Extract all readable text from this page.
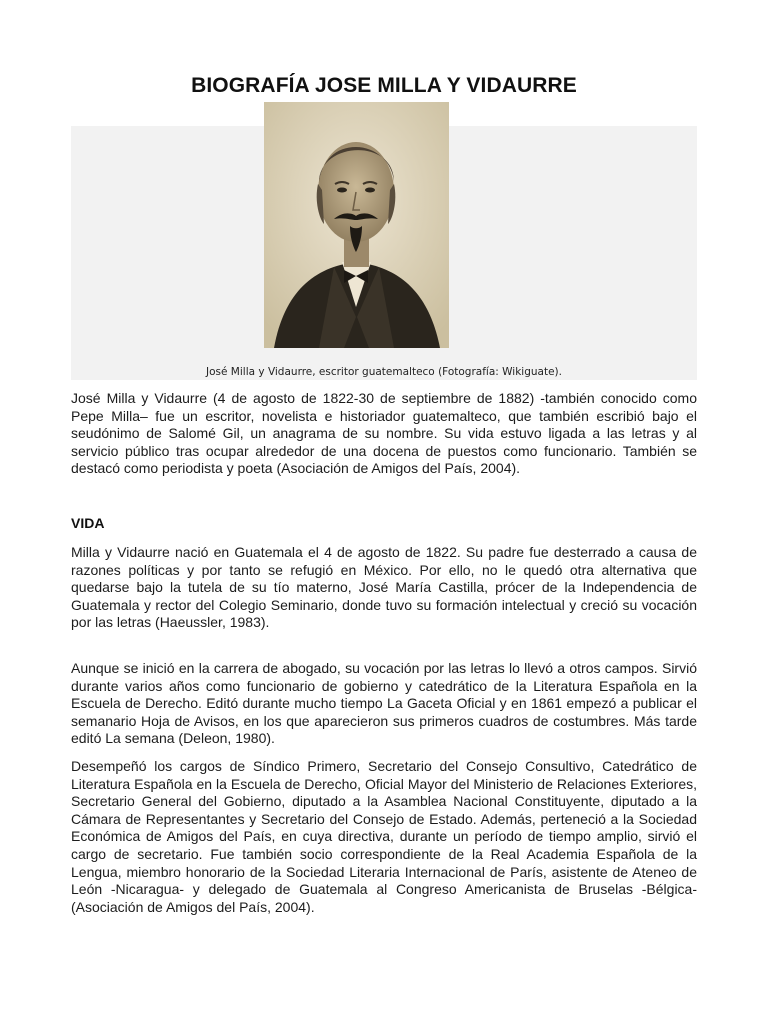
BIOGRAFÍA JOSE MILLA Y VIDAURRE
José Milla y Vidaurre, escritor guatemalteco (Fotografía: Wikiguate).

José Milla y Vidaurre (4 de agosto de 1822-30 de septiembre de 1882) -también conocido como Pepe Milla– fue un escritor, novelista e historiador guatemalteco, que también escribió bajo el seudónimo de Salomé Gil, un anagrama de su nombre. Su vida estuvo ligada a las letras y al servicio público tras ocupar alrededor de una docena de puestos como funcionario. También se destacó como periodista y poeta (Asociación de Amigos del País, 2004).

VIDA

Milla y Vidaurre nació en Guatemala el 4 de agosto de 1822. Su padre fue desterrado a causa de razones políticas y por tanto se refugió en México. Por ello, no le quedó otra alternativa que quedarse bajo la tutela de su tío materno, José María Castilla, prócer de la Independencia de Guatemala y rector del Colegio Seminario, donde tuvo su formación intelectual y creció su vocación por las letras (Haeussler, 1983).

Aunque se inició en la carrera de abogado, su vocación por las letras lo llevó a otros campos. Sirvió durante varios años como funcionario de gobierno y catedrático de la Literatura Española en la Escuela de Derecho. Editó durante mucho tiempo La Gaceta Oficial y en 1861 empezó a publicar el semanario Hoja de Avisos, en los que aparecieron sus primeros cuadros de costumbres. Más tarde editó La semana (Deleon, 1980).

Desempeñó los cargos de Síndico Primero, Secretario del Consejo Consultivo, Catedrático de Literatura Española en la Escuela de Derecho, Oficial Mayor del Ministerio de Relaciones Exteriores, Secretario General del Gobierno, diputado a la Asamblea Nacional Constituyente, diputado a la Cámara de Representantes y Secretario del Consejo de Estado. Además, perteneció a la Sociedad Económica de Amigos del País, en cuya directiva, durante un período de tiempo amplio, sirvió el cargo de secretario. Fue también socio correspondiente de la Real Academia Española de la Lengua, miembro honorario de la Sociedad Literaria Internacional de París, asistente de Ateneo de León -Nicaragua- y delegado de Guatemala al Congreso Americanista de Bruselas -Bélgica- (Asociación de Amigos del País, 2004).
